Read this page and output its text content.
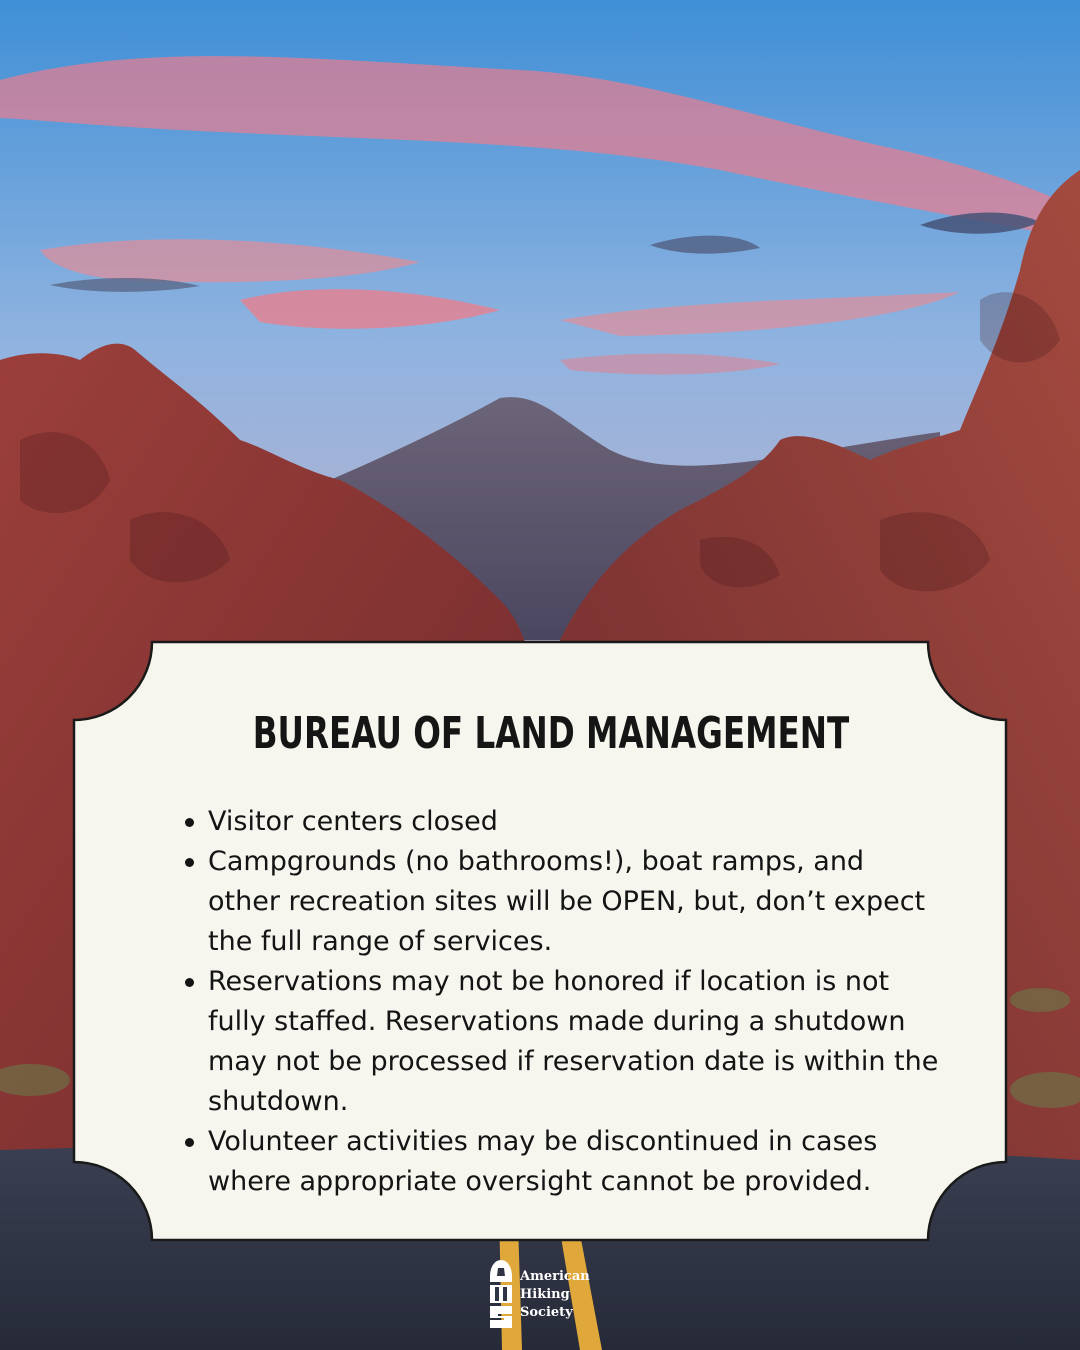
BUREAU OF LAND MANAGEMENT
Visitor centers closed
Campgrounds (no bathrooms!), boat ramps, and other recreation sites will be OPEN, but, don’t expect the full range of services.
Reservations may not be honored if location is not fully staffed. Reservations made during a shutdown may not be processed if reservation date is within the shutdown.
Volunteer activities may be discontinued in cases where appropriate oversight cannot be provided.
American
Hiking
Society
